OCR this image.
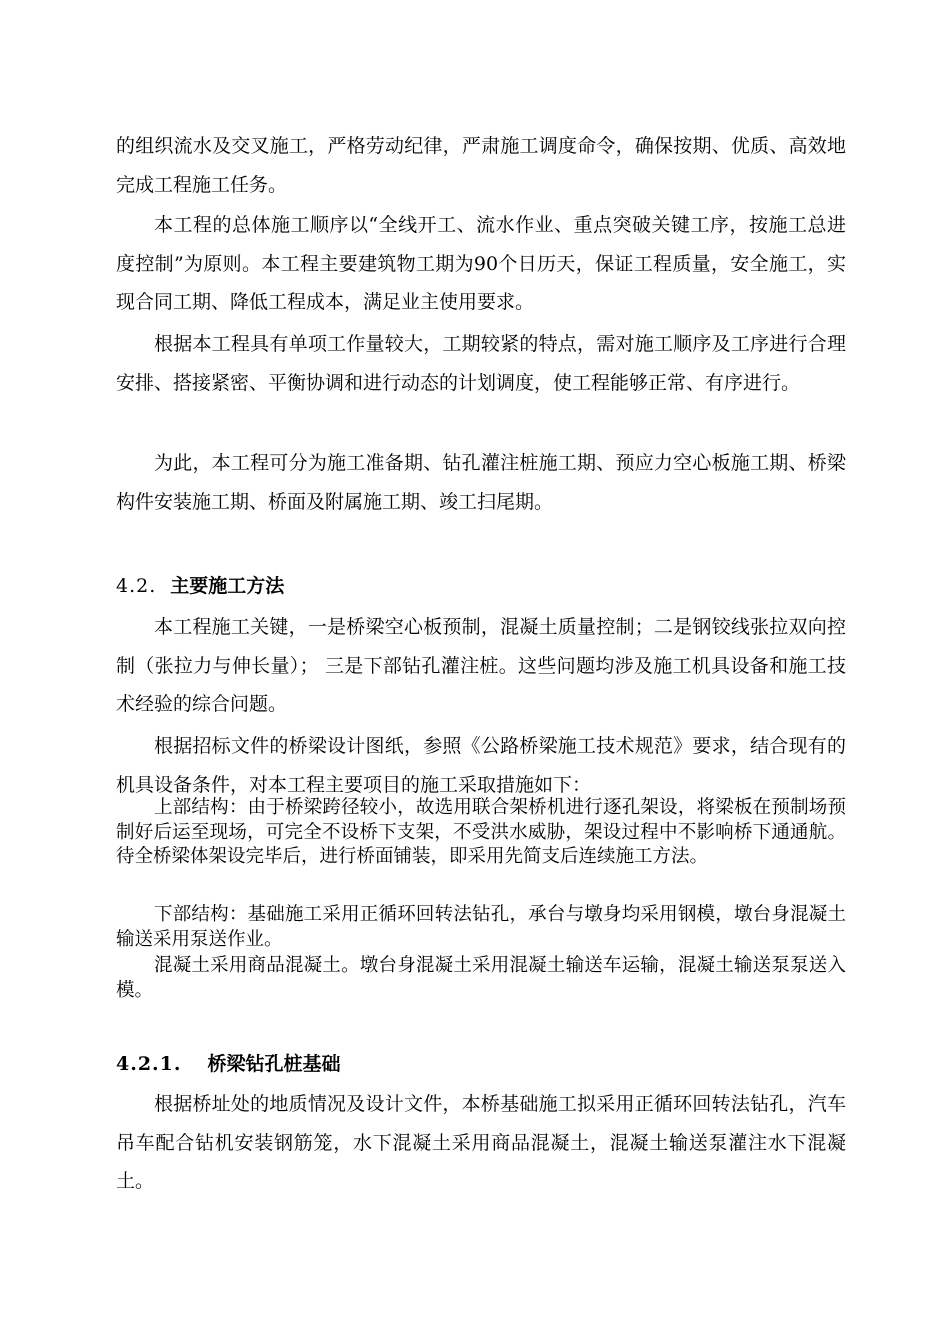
的组织流水及交叉施工，严格劳动纪律，严肃施工调度命令，确保按期、优质、高效地完成工程施工任务。

本工程的总体施工顺序以“全线开工、流水作业、重点突破关键工序，按施工总进度控制”为原则。本工程主要建筑物工期为90个日历天，保证工程质量，安全施工，实现合同工期、降低工程成本，满足业主使用要求。

根据本工程具有单项工作量较大，工期较紧的特点，需对施工顺序及工序进行合理安排、搭接紧密、平衡协调和进行动态的计划调度，使工程能够正常、有序进行。

为此，本工程可分为施工准备期、钻孔灌注桩施工期、预应力空心板施工期、桥梁构件安装施工期、桥面及附属施工期、竣工扫尾期。

4.2. 主要施工方法

本工程施工关键，一是桥梁空心板预制，混凝土质量控制；二是钢铰线张拉双向控制（张拉力与伸长量）； 三是下部钻孔灌注桩。这些问题均涉及施工机具设备和施工技术经验的综合问题。

根据招标文件的桥梁设计图纸，参照《公路桥梁施工技术规范》要求，结合现有的机具设备条件，对本工程主要项目的施工采取措施如下：

上部结构：由于桥梁跨径较小，故选用联合架桥机进行逐孔架设，将梁板在预制场预制好后运至现场，可完全不设桥下支架，不受洪水威胁，架设过程中不影响桥下通通航。待全桥梁体架设完毕后，进行桥面铺装，即采用先简支后连续施工方法。

下部结构：基础施工采用正循环回转法钻孔，承台与墩身均采用钢模，墩台身混凝土输送采用泵送作业。

混凝土采用商品混凝土。墩台身混凝土采用混凝土输送车运输，混凝土输送泵泵送入模。

4.2.1. 桥梁钻孔桩基础

根据桥址处的地质情况及设计文件，本桥基础施工拟采用正循环回转法钻孔，汽车吊车配合钻机安装钢筋笼，水下混凝土采用商品混凝土，混凝土输送泵灌注水下混凝土。
